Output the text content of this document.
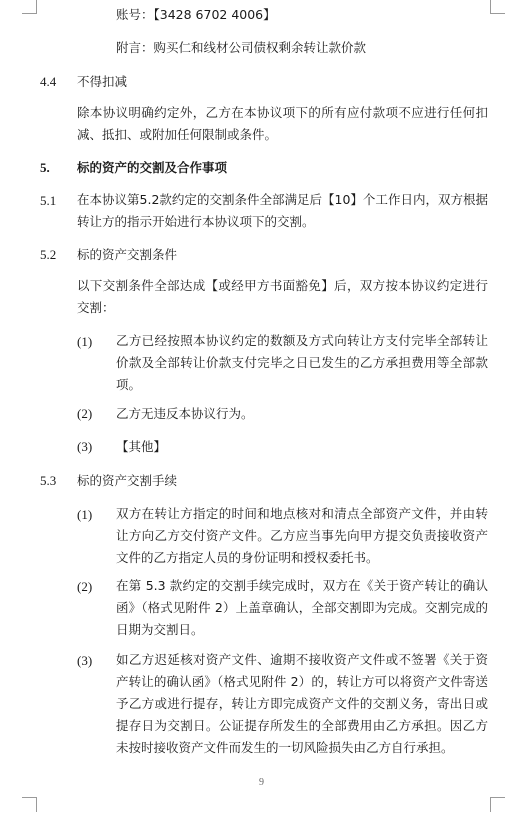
账号：【3428 6702 4006】
附言：购买仁和线材公司债权剩余转让款价款
4.4 不得扣减
除本协议明确约定外，乙方在本协议项下的所有应付款项不应进行任何扣减、抵扣、或附加任何限制或条件。
5. 标的资产的交割及合作事项
5.1 在本协议第5.2款约定的交割条件全部满足后【10】个工作日内，双方根据转让方的指示开始进行本协议项下的交割。
5.2 标的资产交割条件
以下交割条件全部达成【或经甲方书面豁免】后，双方按本协议约定进行交割：
(1) 乙方已经按照本协议约定的数额及方式向转让方支付完毕全部转让价款及全部转让价款支付完毕之日已发生的乙方承担费用等全部款项。
(2) 乙方无违反本协议行为。
(3) 【其他】
5.3 标的资产交割手续
(1) 双方在转让方指定的时间和地点核对和清点全部资产文件，并由转让方向乙方交付资产文件。乙方应当事先向甲方提交负责接收资产文件的乙方指定人员的身份证明和授权委托书。
(2) 在第 5.3 款约定的交割手续完成时，双方在《关于资产转让的确认函》（格式见附件 2）上盖章确认，全部交割即为完成。交割完成的日期为交割日。
(3) 如乙方迟延核对资产文件、逾期不接收资产文件或不签署《关于资产转让的确认函》（格式见附件 2）的，转让方可以将资产文件寄送予乙方或进行提存，转让方即完成资产文件的交割义务，寄出日或提存日为交割日。公证提存所发生的全部费用由乙方承担。因乙方未按时接收资产文件而发生的一切风险损失由乙方自行承担。
9
